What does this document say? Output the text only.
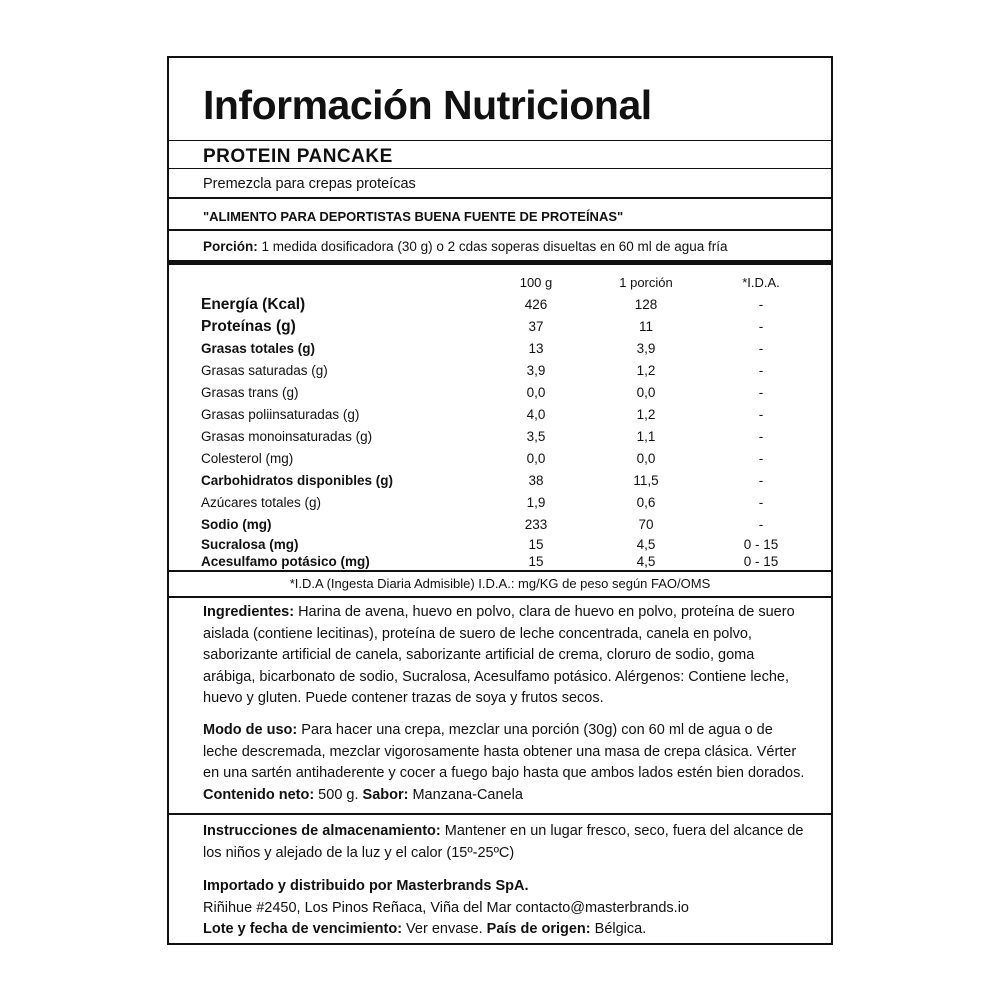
Información Nutricional
PROTEIN PANCAKE
Premezcla para crepas proteícas
"ALIMENTO PARA DEPORTISTAS BUENA FUENTE DE PROTEÍNAS"
Porción: 1 medida dosificadora (30 g) o 2 cdas soperas disueltas en 60 ml de agua fría
	100 g	1 porción	*I.D.A.
Energía (Kcal)	426	128	-
Proteínas (g)	37	11	-
Grasas totales (g)	13	3,9	-
Grasas saturadas (g)	3,9	1,2	-
Grasas trans (g)	0,0	0,0	-
Grasas poliinsaturadas (g)	4,0	1,2	-
Grasas monoinsaturadas (g)	3,5	1,1	-
Colesterol (mg)	0,0	0,0	-
Carbohidratos disponibles (g)	38	11,5	-
Azúcares totales (g)	1,9	0,6	-
Sodio (mg)	233	70	-
Sucralosa (mg)	15	4,5	0 - 15
Acesulfamo potásico (mg)	15	4,5	0 - 15
*I.D.A (Ingesta Diaria Admisible) I.D.A.: mg/KG de peso según FAO/OMS
Ingredientes: Harina de avena, huevo en polvo, clara de huevo en polvo, proteína de suero aislada (contiene lecitinas), proteína de suero de leche concentrada, canela en polvo, saborizante artificial de canela, saborizante artificial de crema, cloruro de sodio, goma arábiga, bicarbonato de sodio, Sucralosa, Acesulfamo potásico. Alérgenos: Contiene leche, huevo y gluten. Puede contener trazas de soya y frutos secos.
Modo de uso: Para hacer una crepa, mezclar una porción (30g) con 60 ml de agua o de leche descremada, mezclar vigorosamente hasta obtener una masa de crepa clásica. Vérter en una sartén antihaderente y cocer a fuego bajo hasta que ambos lados estén bien dorados. Contenido neto: 500 g. Sabor: Manzana-Canela
Instrucciones de almacenamiento: Mantener en un lugar fresco, seco, fuera del alcance de los niños y alejado de la luz y el calor (15º-25ºC)
Importado y distribuido por Masterbrands SpA.
Riñihue #2450, Los Pinos Reñaca, Viña del Mar contacto@masterbrands.io
Lote y fecha de vencimiento: Ver envase. País de origen: Bélgica.
